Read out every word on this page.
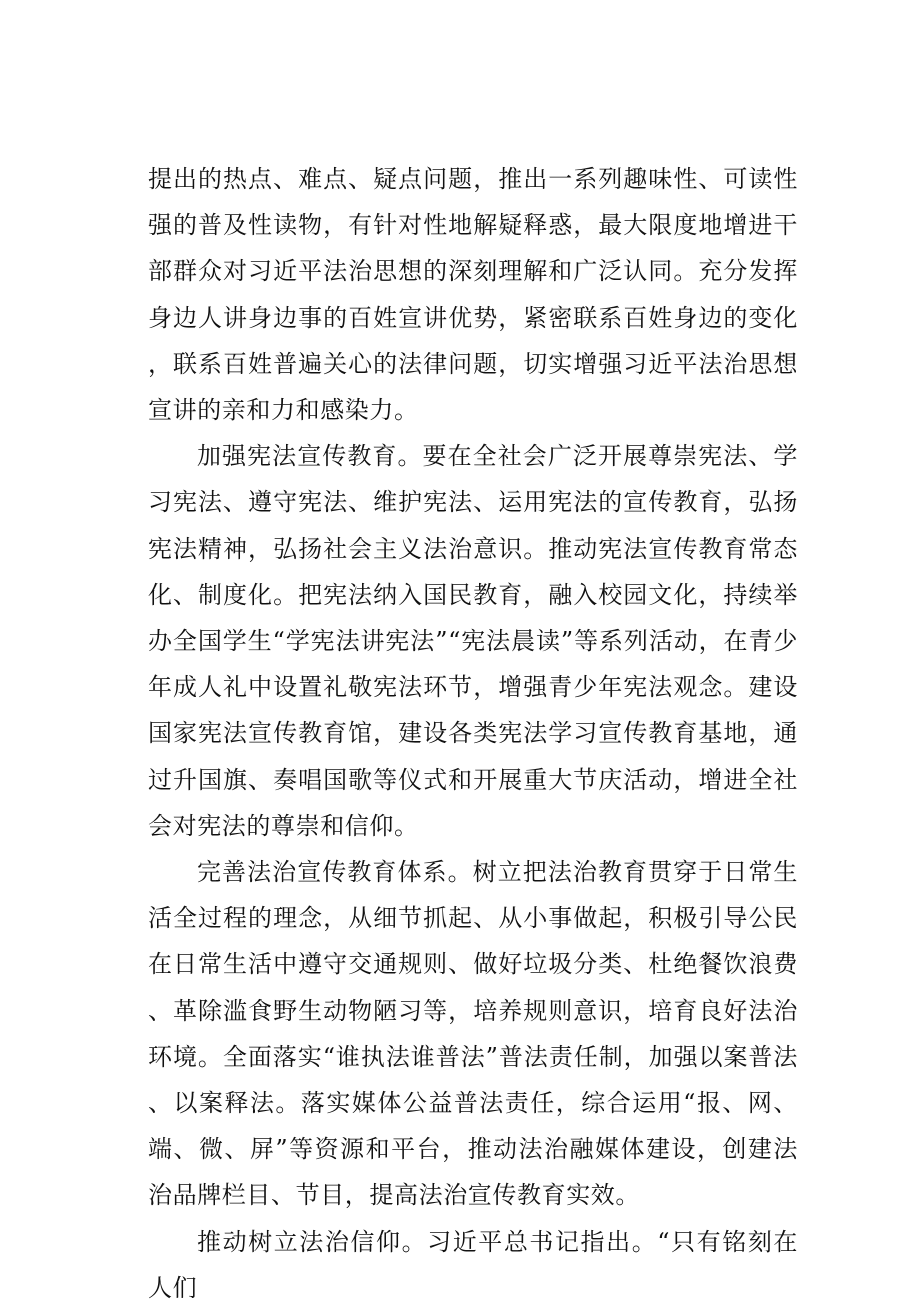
提出的热点、难点、疑点问题，推出一系列趣味性、可读性强的普及性读物，有针对性地解疑释惑，最大限度地增进干部群众对习近平法治思想的深刻理解和广泛认同。充分发挥身边人讲身边事的百姓宣讲优势，紧密联系百姓身边的变化，联系百姓普遍关心的法律问题，切实增强习近平法治思想宣讲的亲和力和感染力。

加强宪法宣传教育。要在全社会广泛开展尊崇宪法、学习宪法、遵守宪法、维护宪法、运用宪法的宣传教育，弘扬宪法精神，弘扬社会主义法治意识。推动宪法宣传教育常态化、制度化。把宪法纳入国民教育，融入校园文化，持续举办全国学生“学宪法讲宪法”“宪法晨读”等系列活动，在青少年成人礼中设置礼敬宪法环节，增强青少年宪法观念。建设国家宪法宣传教育馆，建设各类宪法学习宣传教育基地，通过升国旗、奏唱国歌等仪式和开展重大节庆活动，增进全社会对宪法的尊崇和信仰。

完善法治宣传教育体系。树立把法治教育贯穿于日常生活全过程的理念，从细节抓起、从小事做起，积极引导公民在日常生活中遵守交通规则、做好垃圾分类、杜绝餐饮浪费、革除滥食野生动物陋习等，培养规则意识，培育良好法治环境。全面落实“谁执法谁普法”普法责任制，加强以案普法、以案释法。落实媒体公益普法责任，综合运用“报、网、端、微、屏”等资源和平台，推动法治融媒体建设，创建法治品牌栏目、节目，提高法治宣传教育实效。

推动树立法治信仰。习近平总书记指出。“只有铭刻在人们
